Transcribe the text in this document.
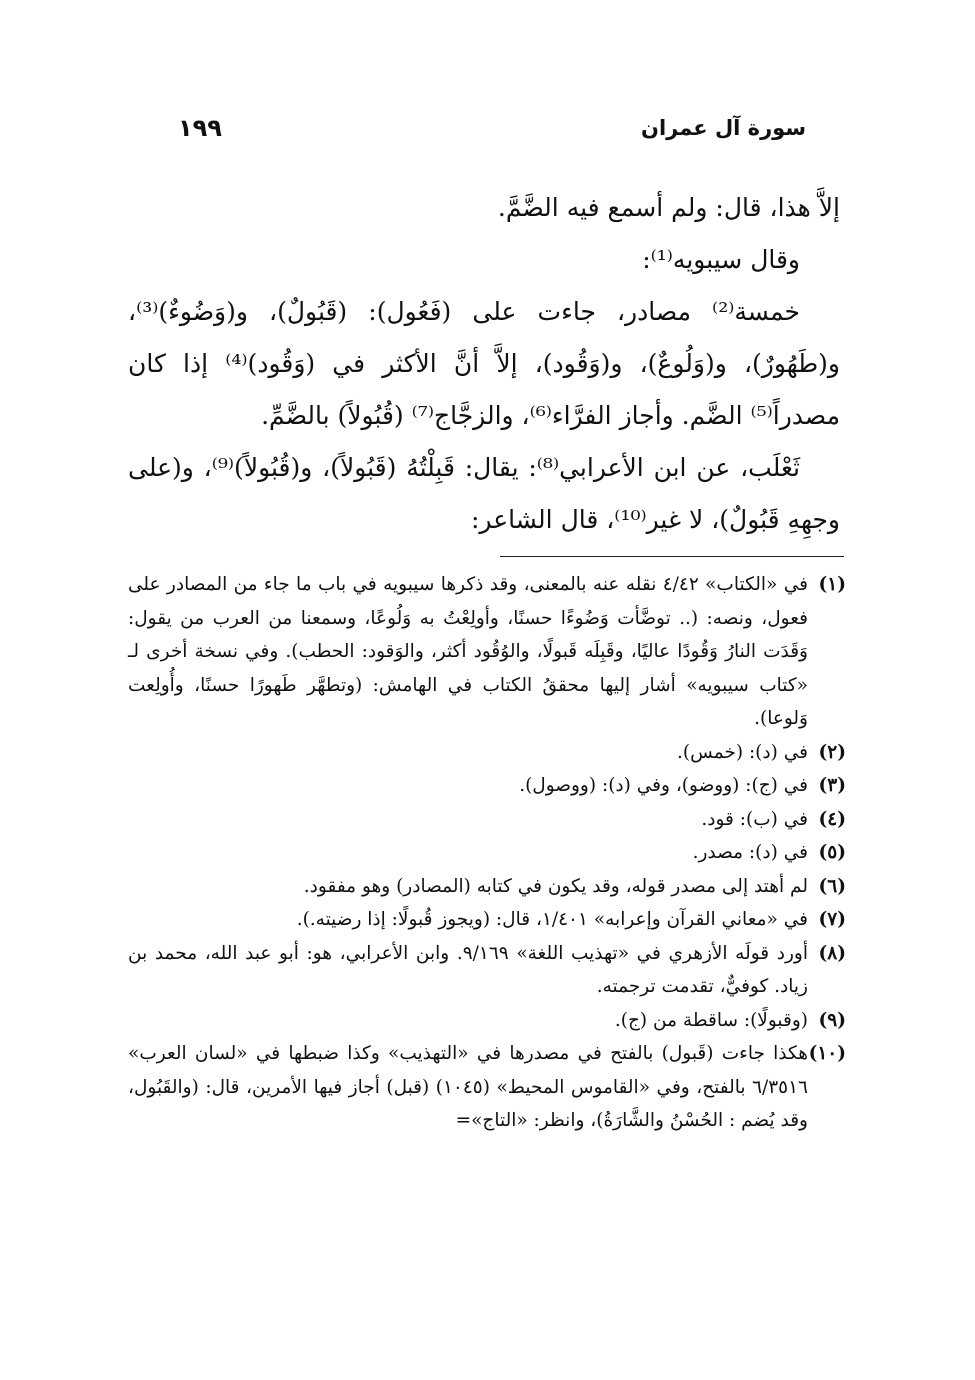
سورة آل عمران
١٩٩

إلاَّ هذا، قال: ولم أسمع فيه الضَّمَّ.

وقال سيبويه⁽¹⁾:

خمسة⁽²⁾ مصادر، جاءت على (فَعُول): (قَبُولٌ)، و(وَضُوءٌ)⁽³⁾، و(طَهُورٌ)، و(وَلُوعٌ)، و(وَقُود)، إلاَّ أنَّ الأكثر في (وَقُود)⁽⁴⁾ إذا كان مصدراً⁽⁵⁾ الضَّم. وأجاز الفرَّاء⁽⁶⁾، والزجَّاج⁽⁷⁾ (قُبُولاً) بالضَّمِّ.

ثَعْلَب، عن ابن الأعرابي⁽⁸⁾: يقال: قَبِلْتُهُ (قَبُولاً)، و(قُبُولاً)⁽⁹⁾، و(على وجهِهِ قَبُولٌ)، لا غير⁽¹⁰⁾، قال الشاعر:

(١)
في «الكتاب» ٤/٤٢ نقله عنه بالمعنى، وقد ذكرها سيبويه في باب ما جاء من المصادر على فعول، ونصه: (.. توضَّأت وَضُوءًا حسنًا، وأولِعْتُ به وَلُوعًا، وسمعنا من العرب من يقول: وَقَدَت النارُ وَقُودًا عاليًا، وقَبِلَه قَبولًا، والوُقُود أكثر، والوَقود: الحطب). وفي نسخة أخرى لـ «كتاب سيبويه» أشار إليها محققُ الكتاب في الهامش: (وتطهَّر طَهورًا حسنًا، وأُولِعت وَلوعا).
(٢)
في (د): (خمس).
(٣)
في (ج): (ووضو)، وفي (د): (ووصول).
(٤)
في (ب): قود.
(٥)
في (د): مصدر.
(٦)
لم أهتد إلى مصدر قوله، وقد يكون في كتابه (المصادر) وهو مفقود.
(٧)
في «معاني القرآن وإعرابه» ١/٤٠١، قال: (ويجوز قُبولًا: إذا رضيته.).
(٨)
أورد قولَه الأزهري في «تهذيب اللغة» ٩/١٦٩. وابن الأعرابي، هو: أبو عبد الله، محمد بن زياد. كوفيٌّ، تقدمت ترجمته.
(٩)
(وقبولًا): ساقطة من (ج).
(١٠)
هكذا جاءت (قَبول) بالفتح في مصدرها في «التهذيب» وكذا ضبطها في «لسان العرب» ٦/٣٥١٦ بالفتح، وفي «القاموس المحيط» (١٠٤٥) (قبل) أجاز فيها الأمرين، قال: (والقَبُول، وقد يُضم : الحُسْنُ والشَّارَةُ)، وانظر: «التاج»=
